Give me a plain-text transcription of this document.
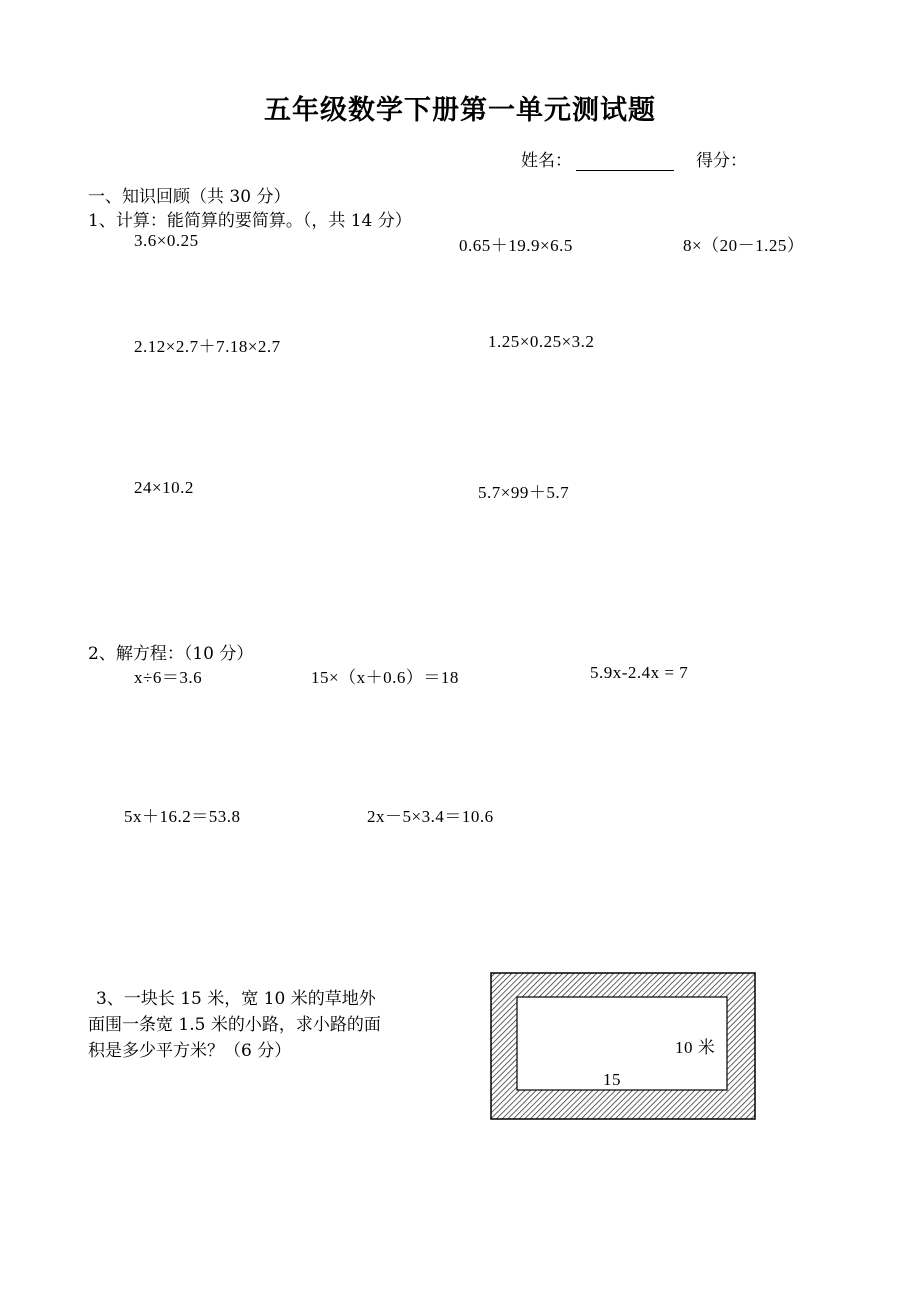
五年级数学下册第一单元测试题
姓名：	得分：
一、知识回顾（共 30 分）
1、计算：能简算的要简算。（，共 14 分）
3.6×0.25	0.65＋19.9×6.5	8×（20－1.25）
2.12×2.7＋7.18×2.7	1.25×0.25×3.2
24×10.2	5.7×99＋5.7
2、解方程：（10 分）
x÷6＝3.6	15×（x＋0.6）＝18	5.9x-2.4x = 7
5x＋16.2＝53.8	2x－5×3.4＝10.6
3、一块长 15 米，宽 10 米的草地外面围一条宽 1.5 米的小路，求小路的面积是多少平方米？（6 分）	10 米
15
